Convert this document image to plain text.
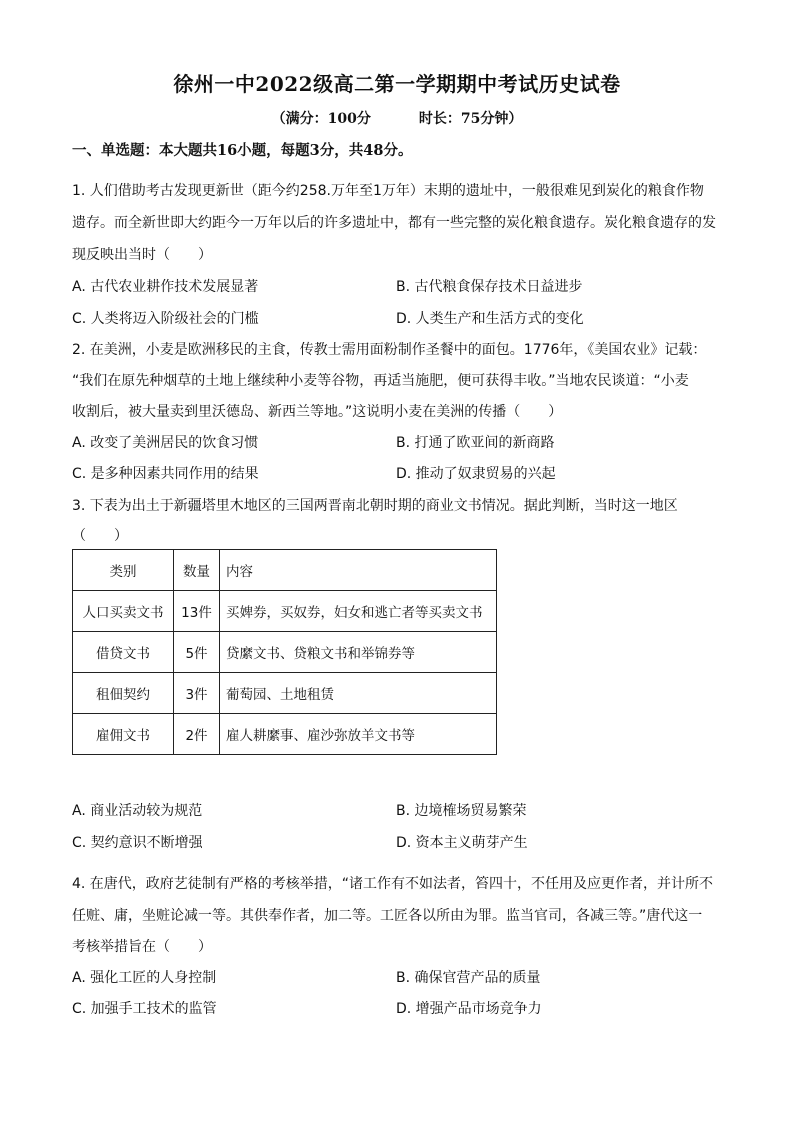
徐州一中2022级高二第一学期期中考试历史试卷
（满分：100分	时长：75分钟）
一、单选题：本大题共16小题，每题3分，共48分。
1. 人们借助考古发现更新世（距今约258.万年至1万年）末期的遗址中，一般很难见到炭化的粮食作物
遗存。而全新世即大约距今一万年以后的许多遗址中，都有一些完整的炭化粮食遗存。炭化粮食遗存的发
现反映出当时（　　）
A. 古代农业耕作技术发展显著	B. 古代粮食保存技术日益进步
C. 人类将迈入阶级社会的门槛	D. 人类生产和生活方式的变化
2. 在美洲，小麦是欧洲移民的主食，传教士需用面粉制作圣餐中的面包。1776年，《美国农业》记载：
“我们在原先种烟草的土地上继续种小麦等谷物，再适当施肥，便可获得丰收。”当地农民谈道：“小麦
收割后，被大量卖到里沃德岛、新西兰等地。”这说明小麦在美洲的传播（　　）
A. 改变了美洲居民的饮食习惯	B. 打通了欧亚间的新商路
C. 是多种因素共同作用的结果	D. 推动了奴隶贸易的兴起
3. 下表为出土于新疆塔里木地区的三国两晋南北朝时期的商业文书情况。据此判断，当时这一地区
（　　）
类别	数量	内容
人口买卖文书	13件	买婢券，买奴券，妇女和逃亡者等买卖文书
借贷文书	5件	贷縻文书、贷粮文书和举锦券等
租佃契约	3件	葡萄园、土地租赁
雇佣文书	2件	雇人耕縻事、雇沙弥放羊文书等
A. 商业活动较为规范	B. 边境榷场贸易繁荣
C. 契约意识不断增强	D. 资本主义萌芽产生
4. 在唐代，政府艺徒制有严格的考核举措，“诸工作有不如法者，笞四十，不任用及应更作者，并计所不
任赃、庸，坐赃论减一等。其供奉作者，加二等。工匠各以所由为罪。监当官司，各减三等。”唐代这一
考核举措旨在（　　）
A. 强化工匠的人身控制	B. 确保官营产品的质量
C. 加强手工技术的监管	D. 增强产品市场竞争力
